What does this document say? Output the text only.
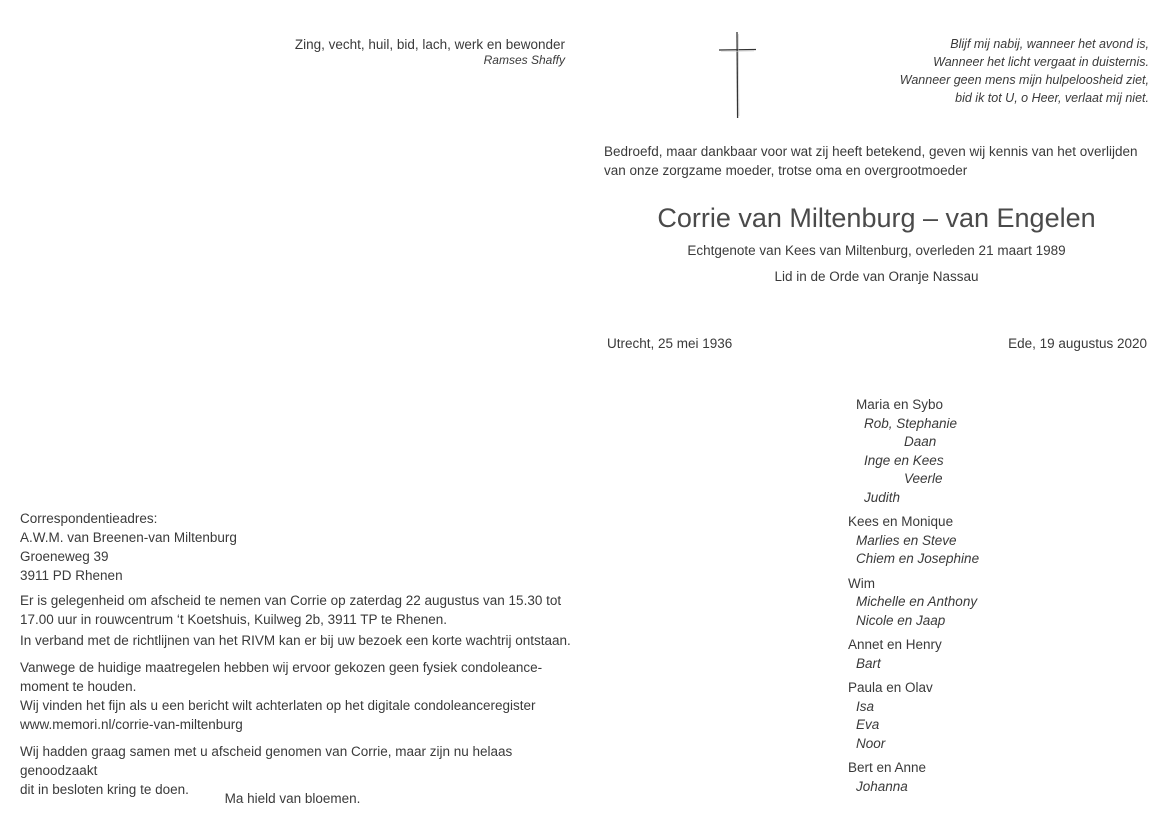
Zing, vecht, huil, bid, lach, werk en bewonder
Ramses Shaffy
Correspondentieadres:
A.W.M. van Breenen-van Miltenburg
Groeneweg 39
3911 PD Rhenen
Er is gelegenheid om afscheid te nemen van Corrie op zaterdag 22 augustus van 15.30 tot
17.00 uur in rouwcentrum ‘t Koetshuis, Kuilweg 2b, 3911 TP te Rhenen.
In verband met de richtlijnen van het RIVM kan er bij uw bezoek een korte wachtrij ontstaan.
Vanwege de huidige maatregelen hebben wij ervoor gekozen geen fysiek condoleance-
moment te houden.
Wij vinden het fijn als u een bericht wilt achterlaten op het digitale condoleanceregister
www.memori.nl/corrie-van-miltenburg
Wij hadden graag samen met u afscheid genomen van Corrie, maar zijn nu helaas genoodzaakt
dit in besloten kring te doen.
Ma hield van bloemen.
Blijf mij nabij, wanneer het avond is,
Wanneer het licht vergaat in duisternis.
Wanneer geen mens mijn hulpeloosheid ziet,
bid ik tot U, o Heer, verlaat mij niet.
Bedroefd, maar dankbaar voor wat zij heeft betekend, geven wij kennis van het overlijden
van onze zorgzame moeder, trotse oma en overgrootmoeder
Corrie van Miltenburg – van Engelen
Echtgenote van Kees van Miltenburg, overleden 21 maart 1989
Lid in de Orde van Oranje Nassau
Utrecht, 25 mei 1936	Ede, 19 augustus 2020
Maria en Sybo
Rob, Stephanie
Daan
Inge en Kees
Veerle
Judith
Kees en Monique
Marlies en Steve
Chiem en Josephine
Wim
Michelle en Anthony
Nicole en Jaap
Annet en Henry
Bart
Paula en Olav
Isa
Eva
Noor
Bert en Anne
Johanna
